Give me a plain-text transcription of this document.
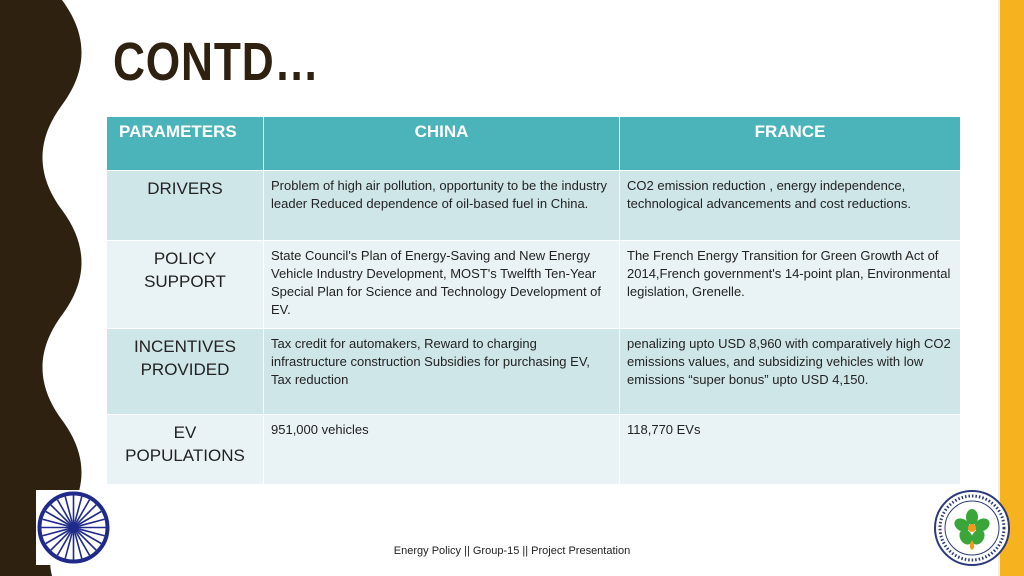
CONTD…
PARAMETERS	CHINA	FRANCE
DRIVERS	Problem of high air pollution, opportunity to be the industry leader Reduced dependence of oil-based fuel in China.	CO2 emission reduction , energy independence, technological advancements and cost reductions.
POLICY SUPPORT	State Council's Plan of Energy-Saving and New Energy Vehicle Industry Development, MOST's Twelfth Ten-Year Special Plan for Science and Technology Development of EV.	The French Energy Transition for Green Growth Act of 2014,French government's 14-point plan, Environmental legislation, Grenelle.
INCENTIVES PROVIDED	Tax credit for automakers, Reward to charging infrastructure construction Subsidies for purchasing EV, Tax reduction	penalizing upto USD 8,960 with comparatively high CO2 emissions values, and subsidizing vehicles with low emissions “super bonus” upto USD 4,150.
EV POPULATIONS	951,000 vehicles	118,770 EVs
Energy Policy || Group-15 || Project Presentation
